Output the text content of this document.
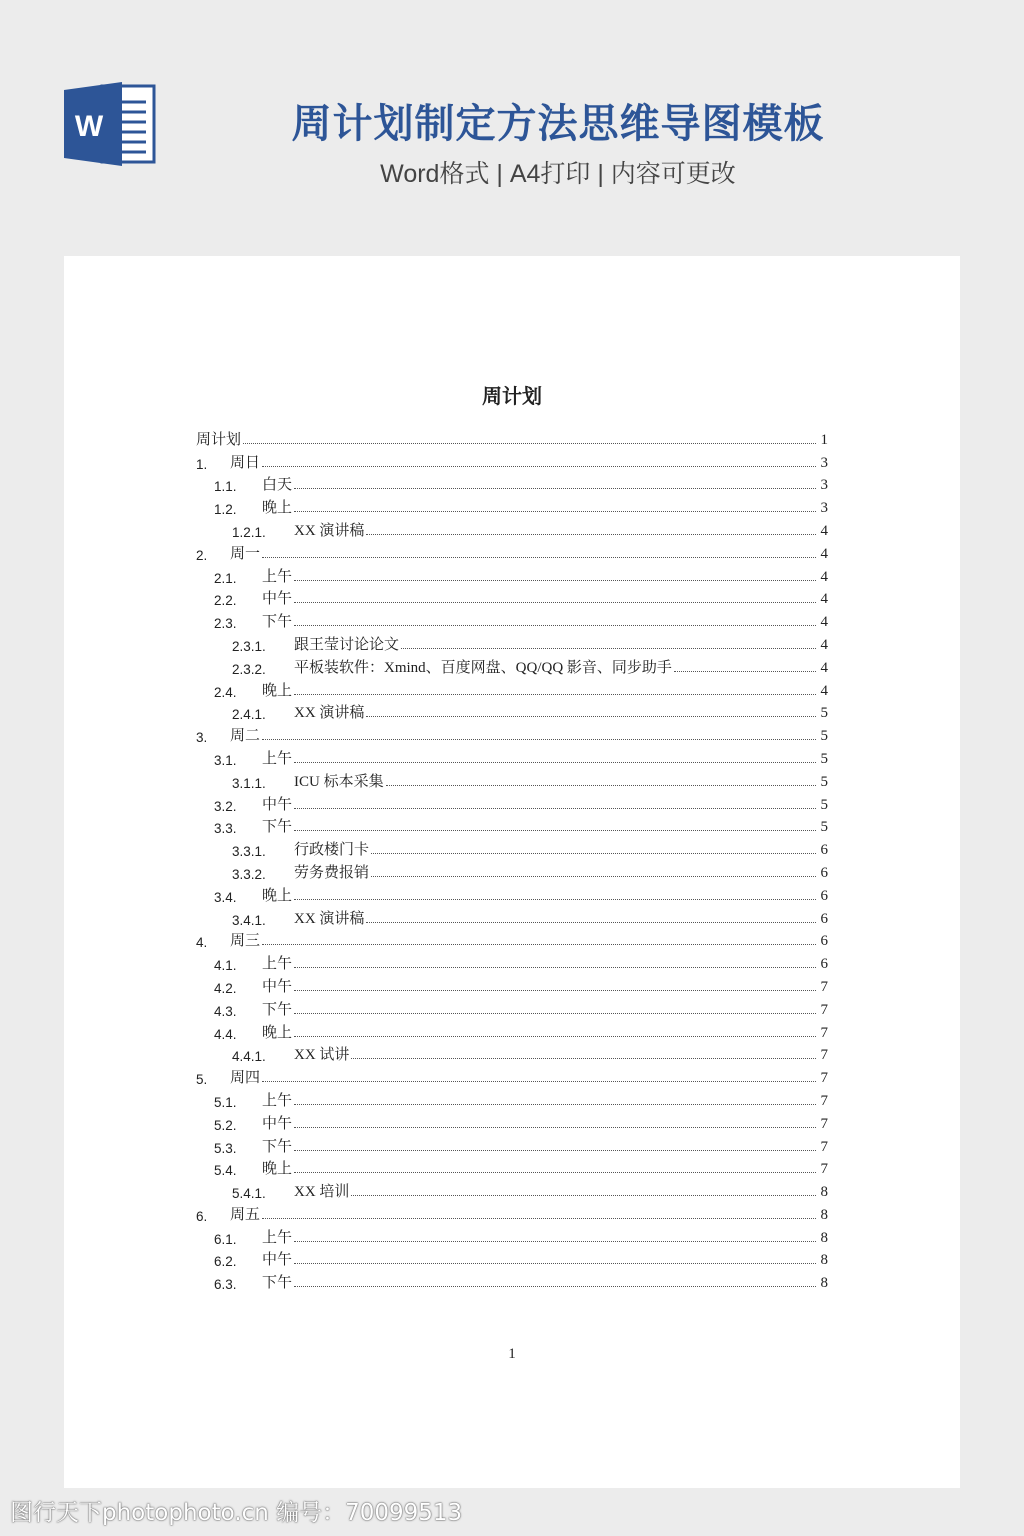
W	周计划制定方法思维导图模板
Word格式 | A4打印 | 内容可更改
周计划
周计划	1
1.	周日	3
1.1.	白天	3
1.2.	晚上	3
1.2.1.	XX 演讲稿	4
2.	周一	4
2.1.	上午	4
2.2.	中午	4
2.3.	下午	4
2.3.1.	跟王莹讨论论文	4
2.3.2.	平板装软件：Xmind、百度网盘、QQ/QQ 影音、同步助手	4
2.4.	晚上	4
2.4.1.	XX 演讲稿	5
3.	周二	5
3.1.	上午	5
3.1.1.	ICU 标本采集	5
3.2.	中午	5
3.3.	下午	5
3.3.1.	行政楼门卡	6
3.3.2.	劳务费报销	6
3.4.	晚上	6
3.4.1.	XX 演讲稿	6
4.	周三	6
4.1.	上午	6
4.2.	中午	7
4.3.	下午	7
4.4.	晚上	7
4.4.1.	XX 试讲	7
5.	周四	7
5.1.	上午	7
5.2.	中午	7
5.3.	下午	7
5.4.	晚上	7
5.4.1.	XX 培训	8
6.	周五	8
6.1.	上午	8
6.2.	中午	8
6.3.	下午	8
1
图行天下photophoto.cn 编号：70099513
